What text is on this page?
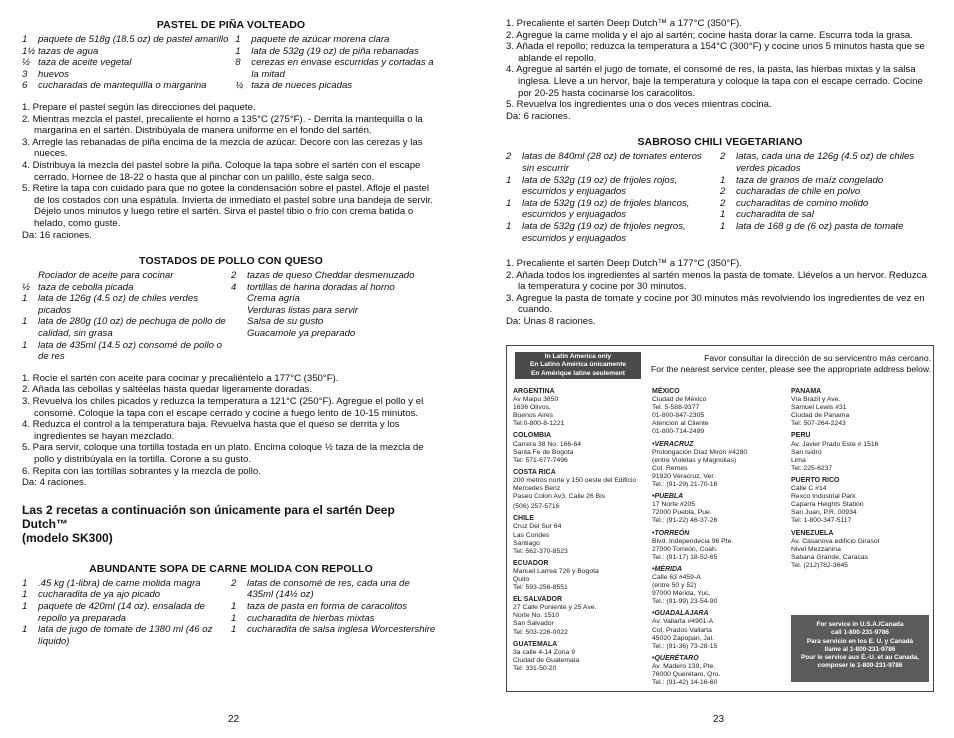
PASTEL DE PIÑA VOLTEADO
1	paquete de 518g (18.5 oz) de pastel amarillo
1½ tazas de agua
½ taza de aceite vegetal
3	huevos
6	cucharadas de mantequilla o margarina
1	paquete de azúcar morena clara
1	lata de 532g (19 oz) de piña rebanadas
8	cerezas en envase escurridas y cortadas a la mitad
¼ taza de nueces picadas
1. Prepare el pastel según las direcciones del paquete.
2. Mientras mezcla el pastel, precaliente el horno a 135°C (275°F). - Derrita la mantequilla o la margarina en el sartén. Distribúyala de manera uniforme en el fondo del sartén.
3. Arregle las rebanadas de piña encima de la mezcla de azúcar. Decore con las cerezas y las nueces.
4. Distribuya la mezcla del pastel sobre la piña. Coloque la tapa sobre el sartén con el escape cerrado. Hornee de 18-22 o hasta que al pinchar con un palillo, éste salga seco.
5. Retire la tapa con cuidado para que no gotee la condensación sobre el pastel. Afloje el pastel de los costados con una espátula. Invierta de inmediato el pastel sobre una bandeja de servir. Déjelo unos minutos y luego retire el sartén. Sirva el pastel tibio o frío con crema batida o helado, como guste.
Da: 16 raciones.
TOSTADOS DE POLLO CON QUESO
Rociador de aceite para cocinar
½ taza de cebolla picada
1	lata de 126g (4.5 oz) de chiles verdes picados
1	lata de 280g (10 oz) de pechuga de pollo de calidad, sin grasa
1	lata de 435ml (14.5 oz) consomé de pollo o de res
2	tazas de queso Cheddar desmenuzado
4	tortillas de harina doradas al horno
Crema agria
Verduras listas para servir
Salsa de su gusto
Guacamole ya preparado
1. Rocíe el sartén con aceite para cocinar y precaliéntelo a 177°C (350°F).
2. Añada las cebollas y saltéelas hasta quedar ligeramente doradas.
3. Revuelva los chiles picados y reduzca la temperatura a 121°C (250°F). Agregue el pollo y el consomé. Coloque la tapa con el escape cerrado y cocine a fuego lento de 10-15 minutos.
4. Reduzca el control a la temperatura baja. Revuelva hasta que el queso se derrita y los ingredientes se hayan mezclado.
5. Para servir, coloque una tortilla tostada en un plato. Encima coloque ½ taza de la mezcla de pollo y distribúyala en la tortilla. Corone a su gusto.
6. Repita con las tortillas sobrantes y la mezcla de pollo.
Da: 4 raciones.
Las 2 recetas a continuación son únicamente para el sartén Deep Dutch™
(modelo SK300)
ABUNDANTE SOPA DE CARNE MOLIDA CON REPOLLO
1	.45 kg (1-libra) de carne molida magra
1	cucharadita de ya ajo picado
1	paquete de 420ml (14 oz). ensalada de repollo ya preparada
1	lata de jugo de tomate de 1380 ml (46 oz líquido)
2	latas de consomé de res, cada una de 435ml (14½ oz)
1	taza de pasta en forma de caracolitos
1	cucharadita de hierbas mixtas
1	cucharadita de salsa inglesa Worcestershire
22
1. Precaliente el sartén Deep Dutch™ a 177°C (350°F).
2. Agregue la carne molida y el ajo al sartén; cocine hasta dorar la carne. Escurra toda la grasa.
3. Añada el repollo; reduzca la temperatura a 154°C (300°F) y cocine unos 5 minutos hasta que se ablande el repollo.
4. Agregue al sartén el jugo de tomate, el consomé de res, la pasta, las hierbas mixtas y la salsa inglesa. Lleve a un hervor, baje la temperatura y coloque la tapa con el escape cerrado. Cocine por 20-25 hasta cocinarse los caracolitos.
5. Revuelva los ingredientes una o dos veces mientras cocina.
Da: 6 raciones.
SABROSO CHILI VEGETARIANO
2	latas de 840ml (28 oz) de tomates enteros sin escurrir
1	lata de 532g (19 oz) de frijoles rojos, escurridos y enjuagados
1	lata de 532g (19 oz) de frijoles blancos, escurridos y enjuagados
1	lata de 532g (19 oz) de frijoles negros, escurridos y enjuagados
2	latas, cada una de 126g (4.5 oz) de chiles verdes picados
1	taza de granos de maíz congelado
2	cucharadas de chile en polvo
2	cucharaditas de comino molido
1	cucharadita de sal
1	lata de 168 g de (6 oz) pasta de tomate
1. Precaliente el sartén Deep Dutch™ a 177°C (350°F).
2. Añada todos los ingredientes al sartén menos la pasta de tomate. Llévelos a un hervor. Reduzca la temperatura y cocine por 30 minutos.
3. Agregue la pasta de tomate y cocine por 30 minutos más revolviendo los ingredientes de vez en cuando.
Da: Unas 8 raciones.
In Latin America only
En Latino América únicamente
En Amérique latine seulement
Favor consultar la dirección de su servicentro más cercano.
For the nearest service center, please see the appropriate address below.
ARGENTINA
Av Maipu 3850
1636 Olivos,
Buenos Aires
Tel:0-800-8-1221
COLOMBIA
Carrera 38 No. 166-64
Santa Fe de Bogota
Tel: 571-677-7496
COSTA RICA
200 metros norte y 150 oeste del Edificio
Mercedes Benz
Paseo Colon Av3, Calle 26 Bis
(506) 257-5716
CHILE
Cruz Del Sur 64
Las Condes
Santiago
Tel: 562-370-8523
ECUADOR
Manuel Larrea 726 y Bogota
Quito
Tel: 593-256-8551
EL SALVADOR
27 Calle Poniente y 25 Ave.
Norte No. 1510
San Salvador
Tel: 503-226-0022
GUATEMALA
3a calle 4-14 Zona 9
Ciudad de Guatemala
Tel: 331-50-20
MÉXICO
Ciudad de México
Tel. 5-588-9377
01-800-847-2305
Atencion al Cliente
01-800-714-2499
•VERACRUZ
Prolongación Díaz Mirón #4280
(entre Violetas y Magnolias)
Col. Remes
91920 Veracruz, Ver.
Tel.: (91-29) 21-70-16
•PUEBLA
17 Norte #205
72000 Puebla, Pue.
Tel.: (91-22) 46-37-26
•TORREÓN
Blvd. Independecia 96 Pte.
27000 Torreón, Coah.
Tel.: (91-17) 18-52-65
•MÉRIDA
Calle 63 #459-A
(entre 50 y 52)
97000 Mérida, Yuc.
Tel.: (91-99) 23-54-90
•GUADALAJARA
Av. Vallarta #4901-A
Col. Prados Vallarta
45020 Zapopan, Jal.
Tel.: (91-36) 73-28-15
•QUERÉTARO
Av. Madero 139, Pte.
76000 Querétaro, Qro.
Tel.: (91-42) 14-16-60
PANAMA
Vía Brazil y Ave.
Samuel Lewis #31
Ciudad de Panama
Tel: 507-264-2243
PERU
Av. Javier Prado Este # 1516
San Isidro
Lima
Tel: 225-6237
PUERTO RICO
Calle C #14
Rexco Industrial Park
Caparra Heights Station
San Juan, P.R. 00934
Tel: 1-800-347-5117
VENEZUELA
Av. Casanova edificio Girasol
Nivel Mezzanina
Sabana Grande, Caracas
Tel. (212)782-3645
For service in U.S.A./Canada
call 1-800-231-9786
Para servicio en los E. U. y Canadá
llame al 1-800-231-9786
Pour le service aux É.-U. et au Canada,
composer le 1-800-231-9786
23
